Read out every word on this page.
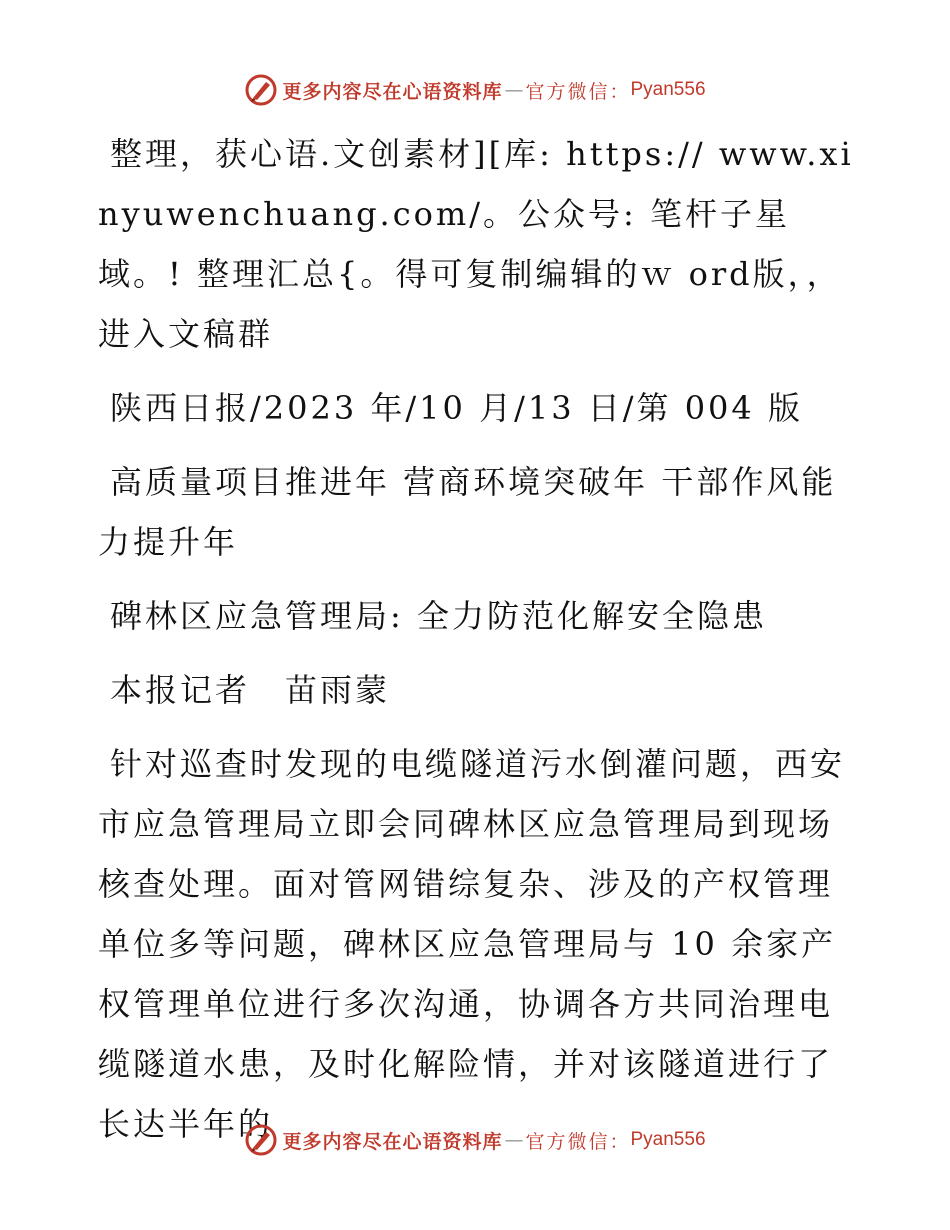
更多内容尽在心语资料库 — 官方微信： Pyan556

整理，获心语.文创素材][库: https:// www.xinyuwenchuang.com/。公众号: 笔杆子星域。! 整理汇总{。得可复制编辑的ｗ ord版，，进入文稿群

陕西日报/2023 年/10 月/13 日/第 004 版

高质量项目推进年 营商环境突破年 干部作风能力提升年

碑林区应急管理局: 全力防范化解安全隐患

本报记者　苗雨蒙

针对巡查时发现的电缆隧道污水倒灌问题，西安市应急管理局立即会同碑林区应急管理局到现场核查处理。面对管网错综复杂、涉及的产权管理单位多等问题，碑林区应急管理局与 10 余家产权管理单位进行多次沟通，协调各方共同治理电缆隧道水患，及时化解险情，并对该隧道进行了长达半年的 更多内容尽在心语资料库 — 官方微信： Pyan556
